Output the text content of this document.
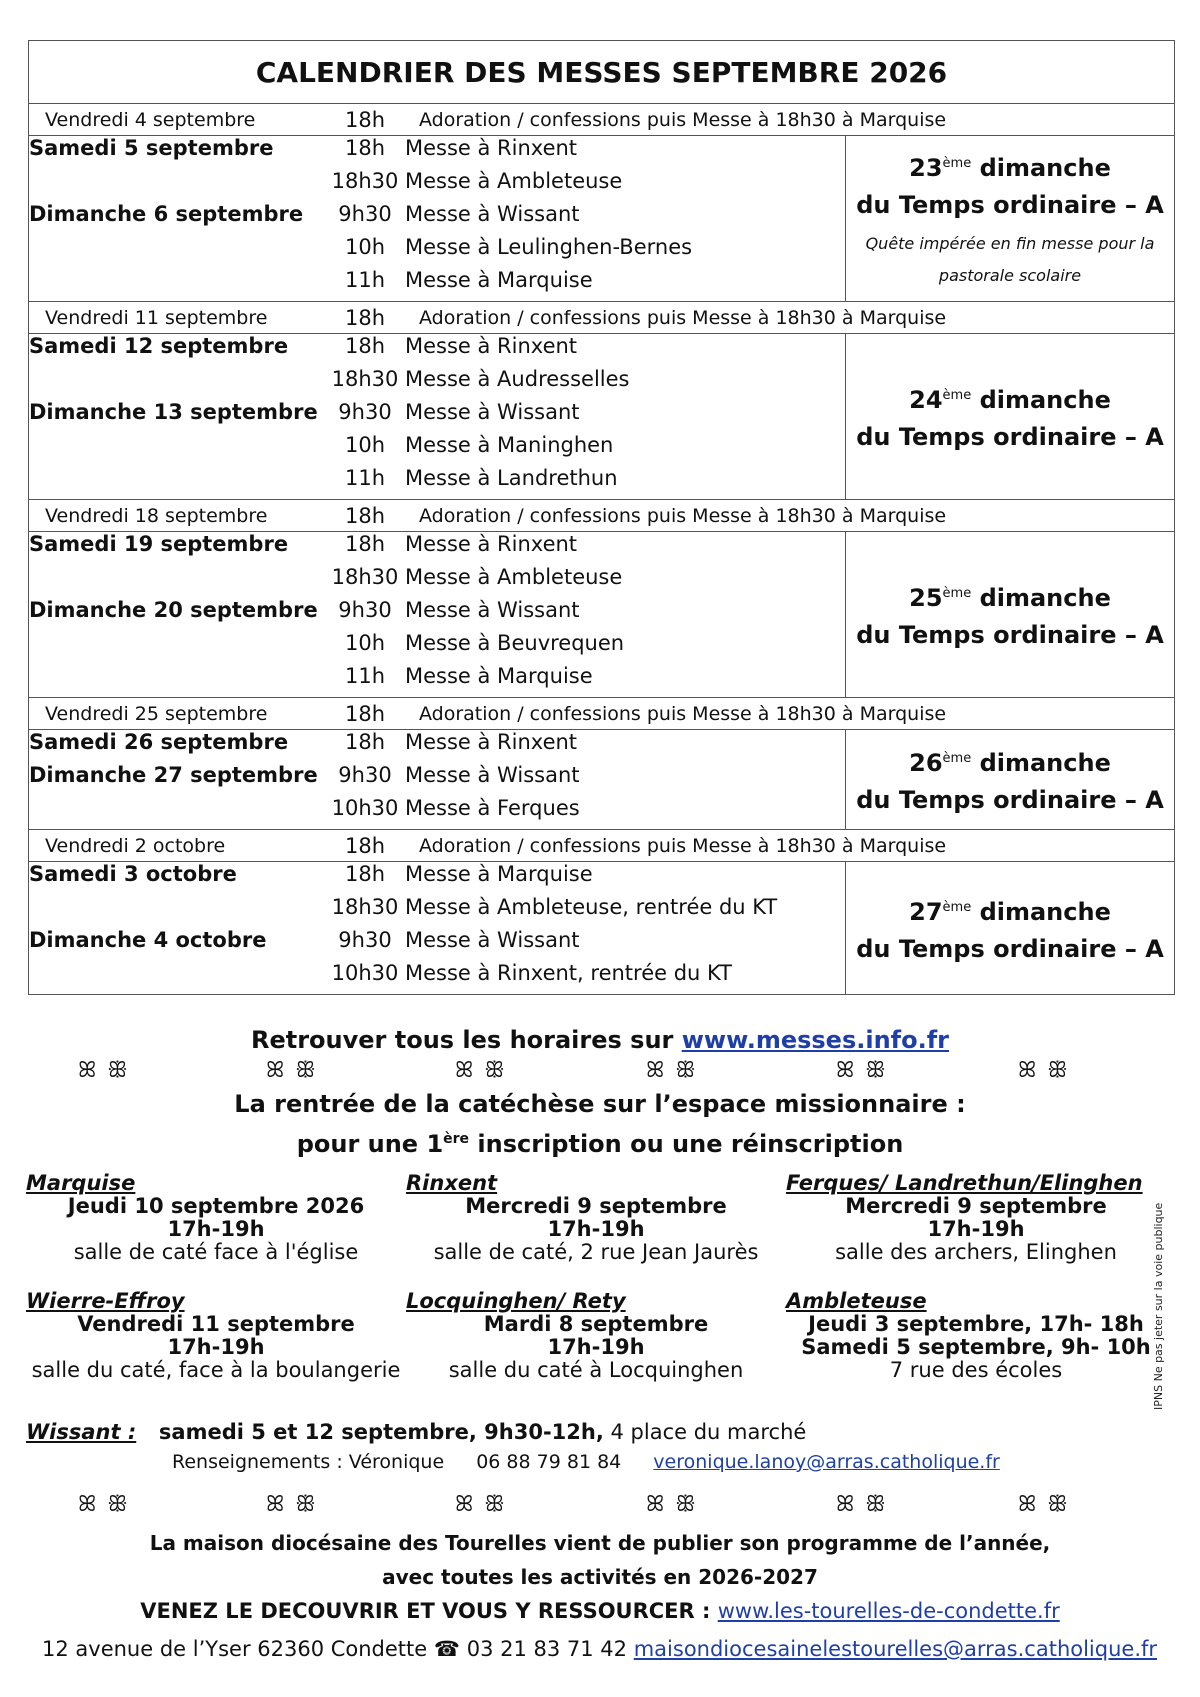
CALENDRIER DES MESSES SEPTEMBRE 2026
Vendredi 4 septembre	18h	Adoration / confessions puis Messe à 18h30 à Marquise

Samedi 5 septembre	18h	Messe à Rinxent
	18h30	Messe à Ambleteuse
Dimanche 6 septembre	9h30	Messe à Wissant
	10h	Messe à Leulinghen-Bernes
	11h	Messe à Marquise

23ème dimanche
du Temps ordinaire – A
Quête impérée en fin messe pour la pastorale scolaire

Vendredi 11 septembre	18h	Adoration / confessions puis Messe à 18h30 à Marquise

Samedi 12 septembre	18h	Messe à Rinxent
	18h30	Messe à Audresselles
Dimanche 13 septembre	9h30	Messe à Wissant
	10h	Messe à Maninghen
	11h	Messe à Landrethun

24ème dimanche
du Temps ordinaire – A

Vendredi 18 septembre	18h	Adoration / confessions puis Messe à 18h30 à Marquise

Samedi 19 septembre	18h	Messe à Rinxent
	18h30	Messe à Ambleteuse
Dimanche 20 septembre	9h30	Messe à Wissant
	10h	Messe à Beuvrequen
	11h	Messe à Marquise

25ème dimanche
du Temps ordinaire – A

Vendredi 25 septembre	18h	Adoration / confessions puis Messe à 18h30 à Marquise

Samedi 26 septembre	18h	Messe à Rinxent
Dimanche 27 septembre	9h30	Messe à Wissant
	10h30	Messe à Ferques

26ème dimanche
du Temps ordinaire – A

Vendredi 2 octobre	18h	Adoration / confessions puis Messe à 18h30 à Marquise

Samedi 3 octobre	18h	Messe à Marquise
	18h30	Messe à Ambleteuse, rentrée du KT
Dimanche 4 octobre	9h30	Messe à Wissant
	10h30	Messe à Rinxent, rentrée du KT

27ème dimanche
du Temps ordinaire – A
Retrouver tous les horaires sur www.messes.info.fr
ꕤ ꕥ	ꕤ ꕥ	ꕤ ꕥ	ꕤ ꕥ	ꕤ ꕥ	ꕤ ꕥ
La rentrée de la catéchèse sur l’espace missionnaire :
pour une 1ère inscription ou une réinscription
Marquise
Jeudi 10 septembre 2026
17h-19h
salle de caté face à l'église
Rinxent
Mercredi 9 septembre
17h-19h
salle de caté, 2 rue Jean Jaurès
Ferques/ Landrethun/Elinghen
Mercredi 9 septembre
17h-19h
salle des archers, Elinghen
Wierre-Effroy
Vendredi 11 septembre
17h-19h
salle du caté, face à la boulangerie
Locquinghen/ Rety
Mardi 8 septembre
17h-19h
salle du caté à Locquinghen
Ambleteuse
Jeudi 3 septembre, 17h- 18h
Samedi 5 septembre, 9h- 10h
7 rue des écoles
Wissant : samedi 5 et 12 septembre, 9h30-12h, 4 place du marché
Renseignements : Véronique 06 88 79 81 84 veronique.lanoy@arras.catholique.fr
ꕤ ꕥ	ꕤ ꕥ	ꕤ ꕥ	ꕤ ꕥ	ꕤ ꕥ	ꕤ ꕥ
La maison diocésaine des Tourelles vient de publier son programme de l’année,
avec toutes les activités en 2026-2027
VENEZ LE DECOUVRIR ET VOUS Y RESSOURCER : www.les-tourelles-de-condette.fr
12 avenue de l’Yser 62360 Condette ☎ 03 21 83 71 42 maisondiocesainelestourelles@arras.catholique.fr
IPNS Ne pas jeter sur la voie publique
